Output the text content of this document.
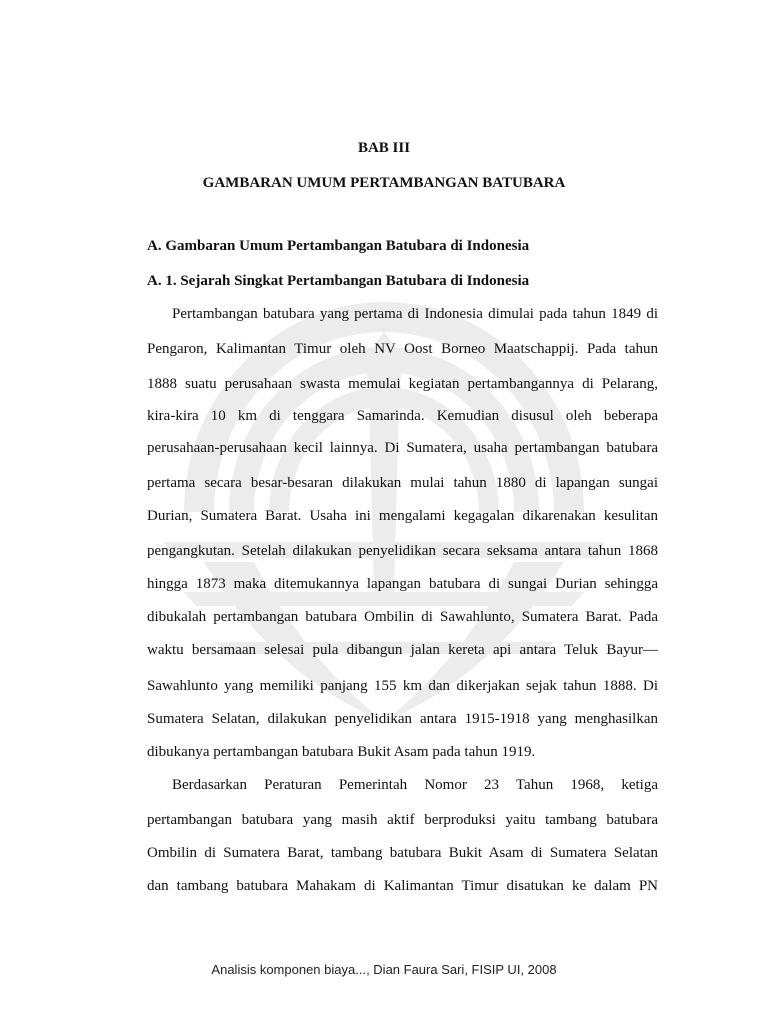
BAB III
GAMBARAN UMUM PERTAMBANGAN BATUBARA
A. Gambaran Umum Pertambangan Batubara di Indonesia
A. 1. Sejarah Singkat Pertambangan Batubara di Indonesia
Pertambangan batubara yang pertama di Indonesia dimulai pada tahun 1849 di
Pengaron, Kalimantan Timur oleh NV Oost Borneo Maatschappij. Pada tahun
1888 suatu perusahaan swasta memulai kegiatan pertambangannya di Pelarang,
kira-kira 10 km di tenggara Samarinda. Kemudian disusul oleh beberapa
perusahaan-perusahaan kecil lainnya. Di Sumatera, usaha pertambangan batubara
pertama secara besar-besaran dilakukan mulai tahun 1880 di lapangan sungai
Durian, Sumatera Barat. Usaha ini mengalami kegagalan dikarenakan kesulitan
pengangkutan. Setelah dilakukan penyelidikan secara seksama antara tahun 1868
hingga 1873 maka ditemukannya lapangan batubara di sungai Durian sehingga
dibukalah pertambangan batubara Ombilin di Sawahlunto, Sumatera Barat. Pada
waktu bersamaan selesai pula dibangun jalan kereta api antara Teluk Bayur—
Sawahlunto yang memiliki panjang 155 km dan dikerjakan sejak tahun 1888. Di
Sumatera Selatan, dilakukan penyelidikan antara 1915-1918 yang menghasilkan
dibukanya pertambangan batubara Bukit Asam pada tahun 1919.
Berdasarkan Peraturan Pemerintah Nomor 23 Tahun 1968, ketiga
pertambangan batubara yang masih aktif berproduksi yaitu tambang batubara
Ombilin di Sumatera Barat, tambang batubara Bukit Asam di Sumatera Selatan
dan tambang batubara Mahakam di Kalimantan Timur disatukan ke dalam PN
Analisis komponen biaya..., Dian Faura Sari, FISIP UI, 2008
